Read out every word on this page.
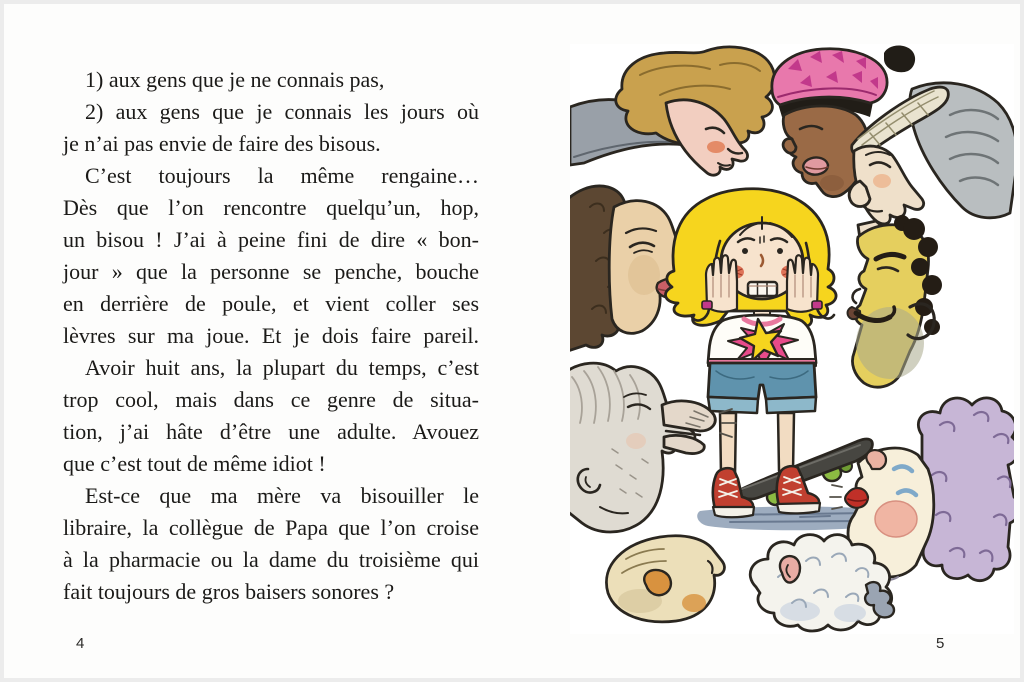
1) aux gens que je ne connais pas,
2) aux gens que je connais les jours où
je n’ai pas envie de faire des bisous.
C’est toujours la même rengaine…
Dès que l’on rencontre quelqu’un, hop,
un bisou ! J’ai à peine fini de dire « bon-
jour » que la personne se penche, bouche
en derrière de poule, et vient coller ses
lèvres sur ma joue. Et je dois faire pareil.
Avoir huit ans, la plupart du temps, c’est
trop cool, mais dans ce genre de situa-
tion, j’ai hâte d’être une adulte. Avouez
que c’est tout de même idiot !
Est-ce que ma mère va bisouiller le
libraire, la collègue de Papa que l’on croise
à la pharmacie ou la dame du troisième qui
fait toujours de gros baisers sonores ?
4	5
